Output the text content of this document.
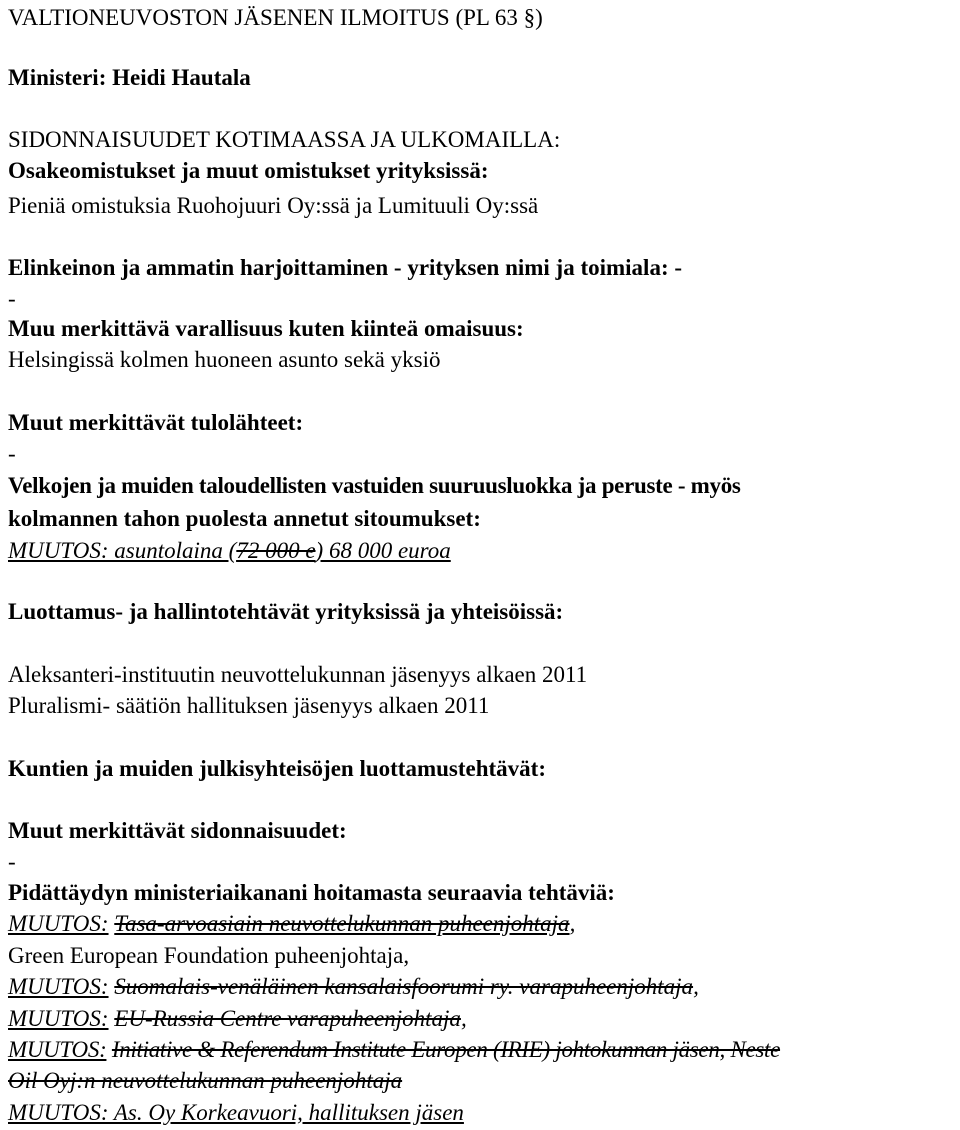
VALTIONEUVOSTON JÄSENEN ILMOITUS (PL 63 §)
Ministeri: Heidi Hautala
SIDONNAISUUDET KOTIMAASSA JA ULKOMAILLA:
Osakeomistukset ja muut omistukset yrityksissä:
Pieniä omistuksia Ruohojuuri Oy:ssä ja Lumituuli Oy:ssä
Elinkeinon ja ammatin harjoittaminen - yrityksen nimi ja toimiala: -
-
Muu merkittävä varallisuus kuten kiinteä omaisuus:
Helsingissä kolmen huoneen asunto sekä yksiö
Muut merkittävät tulolähteet:
-
Velkojen ja muiden taloudellisten vastuiden suuruusluokka ja peruste - myös
kolmannen tahon puolesta annetut sitoumukset:
MUUTOS: asuntolaina (72 000 e) 68 000 euroa
Luottamus- ja hallintotehtävät yrityksissä ja yhteisöissä:
Aleksanteri-instituutin neuvottelukunnan jäsenyys alkaen 2011
Pluralismi- säätiön hallituksen jäsenyys alkaen 2011
Kuntien ja muiden julkisyhteisöjen luottamustehtävät:
Muut merkittävät sidonnaisuudet:
-
Pidättäydyn ministeriaikanani hoitamasta seuraavia tehtäviä:
MUUTOS: Tasa-arvoasiain neuvottelukunnan puheenjohtaja,
Green European Foundation puheenjohtaja,
MUUTOS: Suomalais-venäläinen kansalaisfoorumi ry. varapuheenjohtaja,
MUUTOS: EU-Russia Centre varapuheenjohtaja,
MUUTOS: Initiative & Referendum Institute Europen (IRIE) johtokunnan jäsen, Neste
Oil Oyj:n neuvottelukunnan puheenjohtaja
MUUTOS: As. Oy Korkeavuori, hallituksen jäsen
